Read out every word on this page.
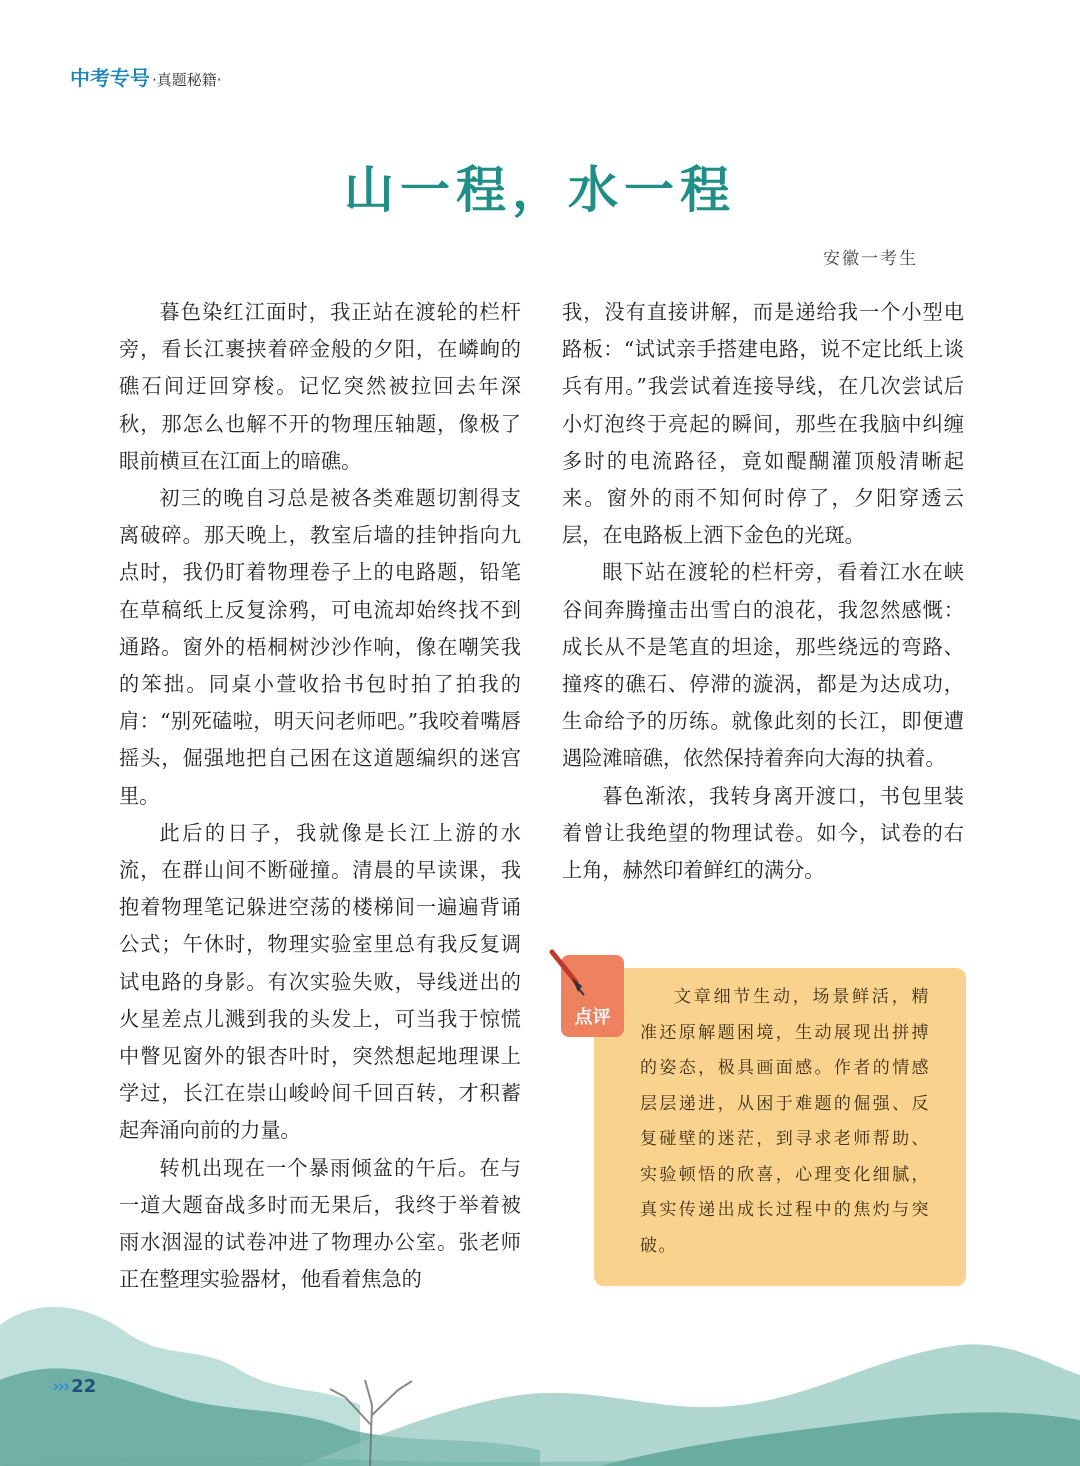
中考专号 ·真题秘籍·
山一程，水一程
安徽一考生

暮色染红江面时，我正站在渡轮的栏杆旁，看长江裹挟着碎金般的夕阳，在嶙峋的礁石间迂回穿梭。记忆突然被拉回去年深秋，那怎么也解不开的物理压轴题，像极了眼前横亘在江面上的暗礁。

初三的晚自习总是被各类难题切割得支离破碎。那天晚上，教室后墙的挂钟指向九点时，我仍盯着物理卷子上的电路题，铅笔在草稿纸上反复涂鸦，可电流却始终找不到通路。窗外的梧桐树沙沙作响，像在嘲笑我的笨拙。同桌小萱收拾书包时拍了拍我的肩：“别死磕啦，明天问老师吧。”我咬着嘴唇摇头，倔强地把自己困在这道题编织的迷宫里。

此后的日子，我就像是长江上游的水流，在群山间不断碰撞。清晨的早读课，我抱着物理笔记躲进空荡的楼梯间一遍遍背诵公式；午休时，物理实验室里总有我反复调试电路的身影。有次实验失败，导线迸出的火星差点儿溅到我的头发上，可当我于惊慌中瞥见窗外的银杏叶时，突然想起地理课上学过，长江在崇山峻岭间千回百转，才积蓄起奔涌向前的力量。

转机出现在一个暴雨倾盆的午后。在与一道大题奋战多时而无果后，我终于举着被雨水洇湿的试卷冲进了物理办公室。张老师正在整理实验器材，他看着焦急的

我，没有直接讲解，而是递给我一个小型电路板：“试试亲手搭建电路，说不定比纸上谈兵有用。”我尝试着连接导线，在几次尝试后小灯泡终于亮起的瞬间，那些在我脑中纠缠多时的电流路径，竟如醍醐灌顶般清晰起来。窗外的雨不知何时停了，夕阳穿透云层，在电路板上洒下金色的光斑。

眼下站在渡轮的栏杆旁，看着江水在峡谷间奔腾撞击出雪白的浪花，我忽然感慨：成长从不是笔直的坦途，那些绕远的弯路、撞疼的礁石、停滞的漩涡，都是为达成功，生命给予的历练。就像此刻的长江，即便遭遇险滩暗礁，依然保持着奔向大海的执着。

暮色渐浓，我转身离开渡口，书包里装着曾让我绝望的物理试卷。如今，试卷的右上角，赫然印着鲜红的满分。

文章细节生动，场景鲜活，精准还原解题困境，生动展现出拼搏的姿态，极具画面感。作者的情感层层递进，从困于难题的倔强、反复碰壁的迷茫，到寻求老师帮助、实验顿悟的欣喜，心理变化细腻，真实传递出成长过程中的焦灼与突破。

点评
››› 22
